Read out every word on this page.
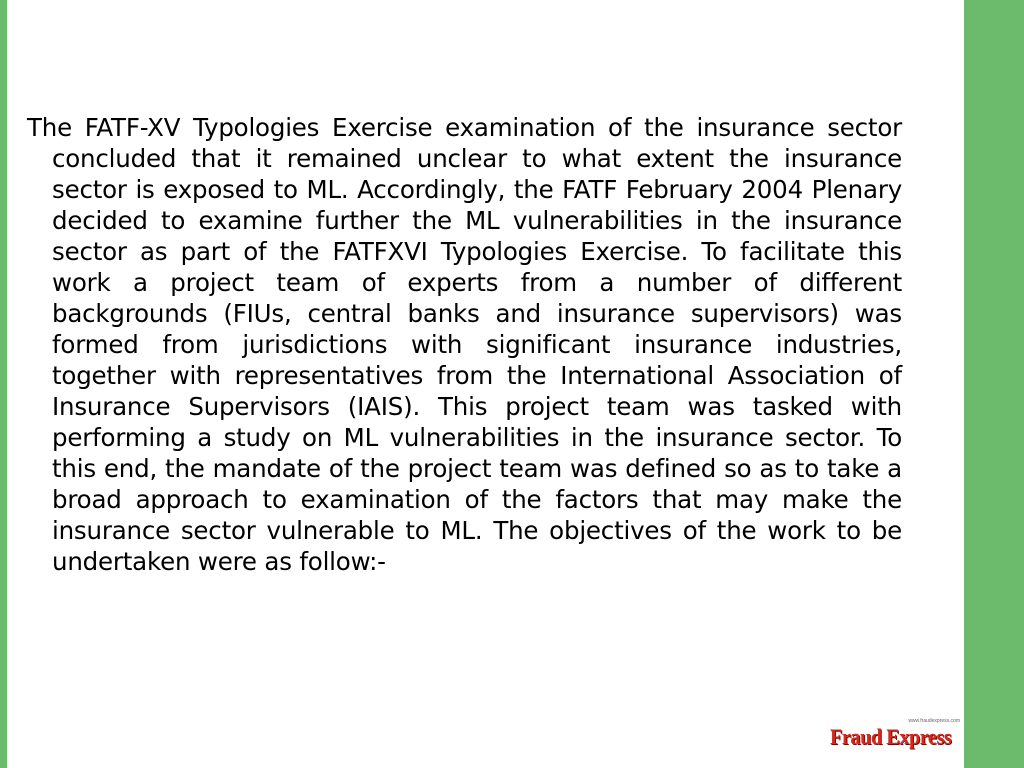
The FATF-XV Typologies Exercise examination of the insurance sector concluded that it remained unclear to what extent the insurance sector is exposed to ML. Accordingly, the FATF February 2004 Plenary decided to examine further the ML vulnerabilities in the insurance sector as part of the FATFXVI Typologies Exercise. To facilitate this work a project team of experts from a number of different backgrounds (FIUs, central banks and insurance supervisors) was formed from jurisdictions with significant insurance industries, together with representatives from the International Association of Insurance Supervisors (IAIS). This project team was tasked with performing a study on ML vulnerabilities in the insurance sector. To this end, the mandate of the project team was defined so as to take a broad approach to examination of the factors that may make the insurance sector vulnerable to ML. The objectives of the work to be undertaken were as follow:-

www.fraudexpress.com
Fraud Express
